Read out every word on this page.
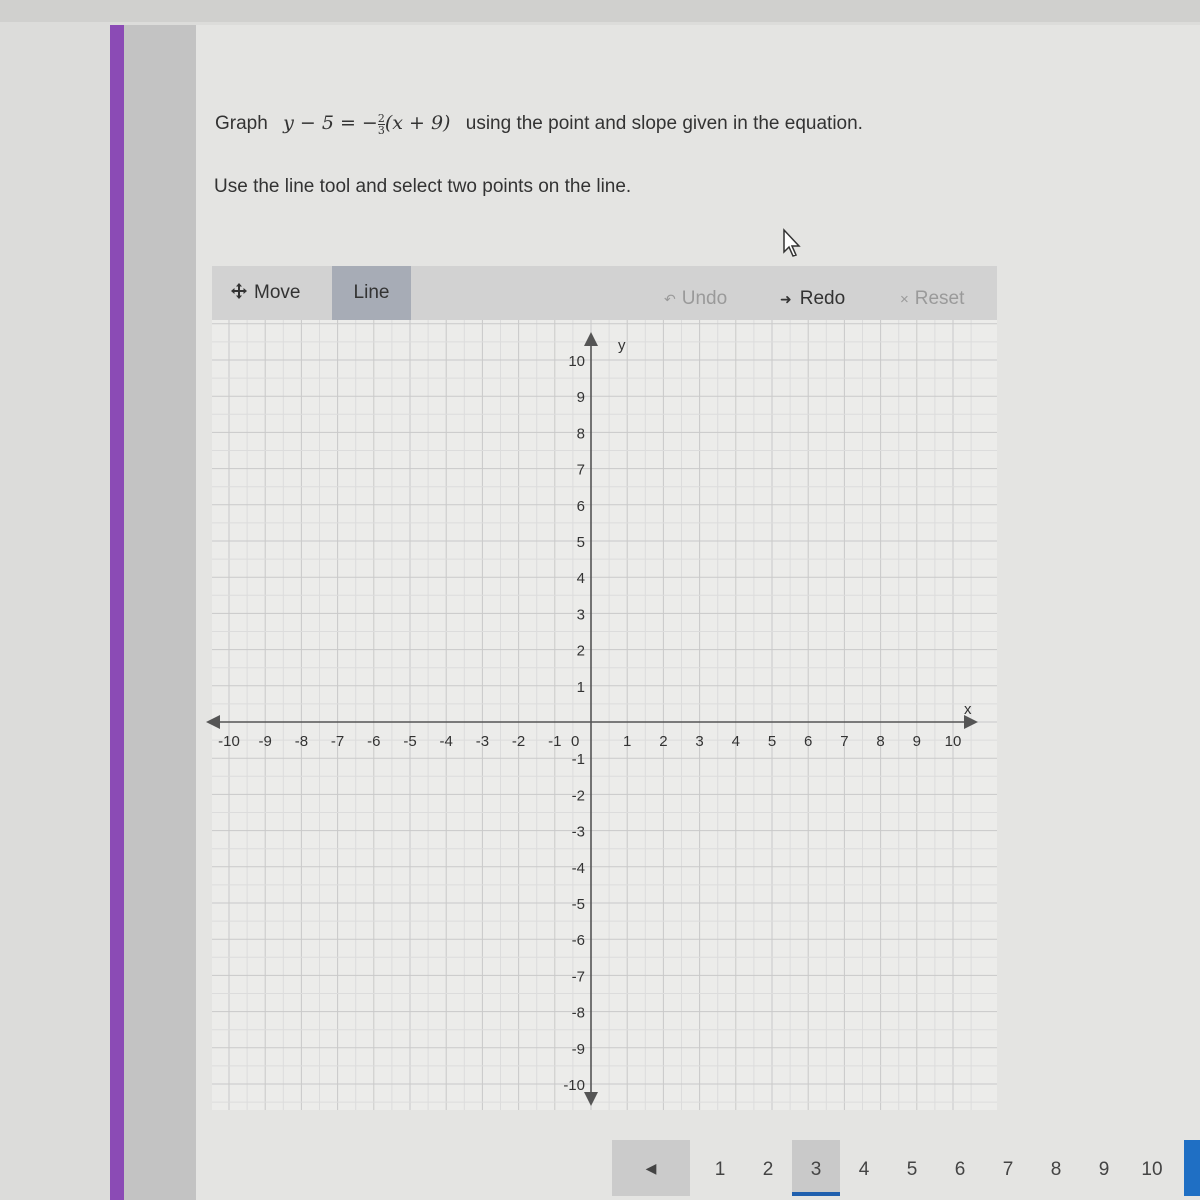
Graph y − 5 = − $\frac{2}{3} (x + 9)$ using the point and slope given in the equation.
Use the line tool and select two points on the line.
Move	Line	↶ Undo	➜ Redo	× Reset
x
y
0
-10 -9 -8 -7 -6 -5 -4 -3 -2 -1	1 2 3 4 5 6 7 8 9 10
10
9
8
7
6
5
4
3
2
1
-1
-2
-3
-4
-5
-6
-7
-8
-9
-10
◀	1	2	3	4	5	6	7	8	9	10
